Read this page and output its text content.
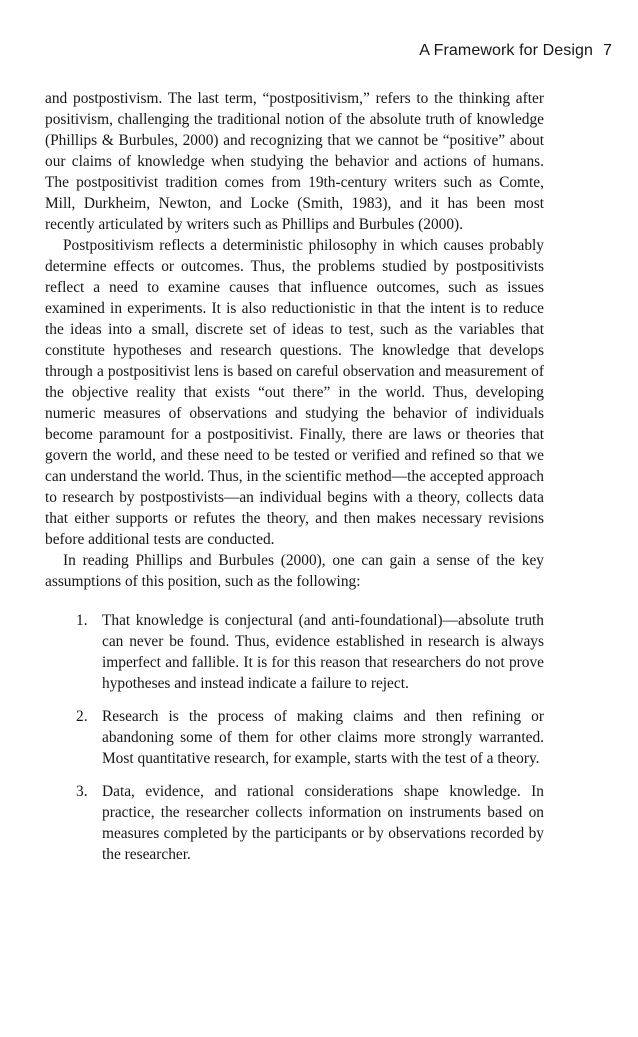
A Framework for Design 7

and postpostivism. The last term, “postpositivism,” refers to the thinking after positivism, challenging the traditional notion of the absolute truth of knowledge (Phillips & Burbules, 2000) and recognizing that we cannot be “positive” about our claims of knowledge when studying the behavior and actions of humans. The postpositivist tradition comes from 19th-century writers such as Comte, Mill, Durkheim, Newton, and Locke (Smith, 1983), and it has been most recently articulated by writers such as Phillips and Burbules (2000).

Postpositivism reflects a deterministic philosophy in which causes probably determine effects or outcomes. Thus, the problems studied by postpositivists reflect a need to examine causes that influence outcomes, such as issues examined in experiments. It is also reductionistic in that the intent is to reduce the ideas into a small, discrete set of ideas to test, such as the variables that constitute hypotheses and research questions. The knowledge that develops through a postpositivist lens is based on careful observation and measurement of the objective reality that exists “out there” in the world. Thus, developing numeric measures of observations and studying the behavior of individuals become paramount for a postpositivist. Finally, there are laws or theories that govern the world, and these need to be tested or verified and refined so that we can understand the world. Thus, in the scientific method—the accepted approach to research by postpostivists—an individual begins with a theory, collects data that either supports or refutes the theory, and then makes necessary revisions before additional tests are conducted.

In reading Phillips and Burbules (2000), one can gain a sense of the key assumptions of this position, such as the following:

1. That knowledge is conjectural (and anti-foundational)—absolute truth can never be found. Thus, evidence established in research is always imperfect and fallible. It is for this reason that researchers do not prove hypotheses and instead indicate a failure to reject.
2. Research is the process of making claims and then refining or abandoning some of them for other claims more strongly warranted. Most quantitative research, for example, starts with the test of a theory.
3. Data, evidence, and rational considerations shape knowledge. In practice, the researcher collects information on instruments based on measures completed by the participants or by observations recorded by the researcher.
